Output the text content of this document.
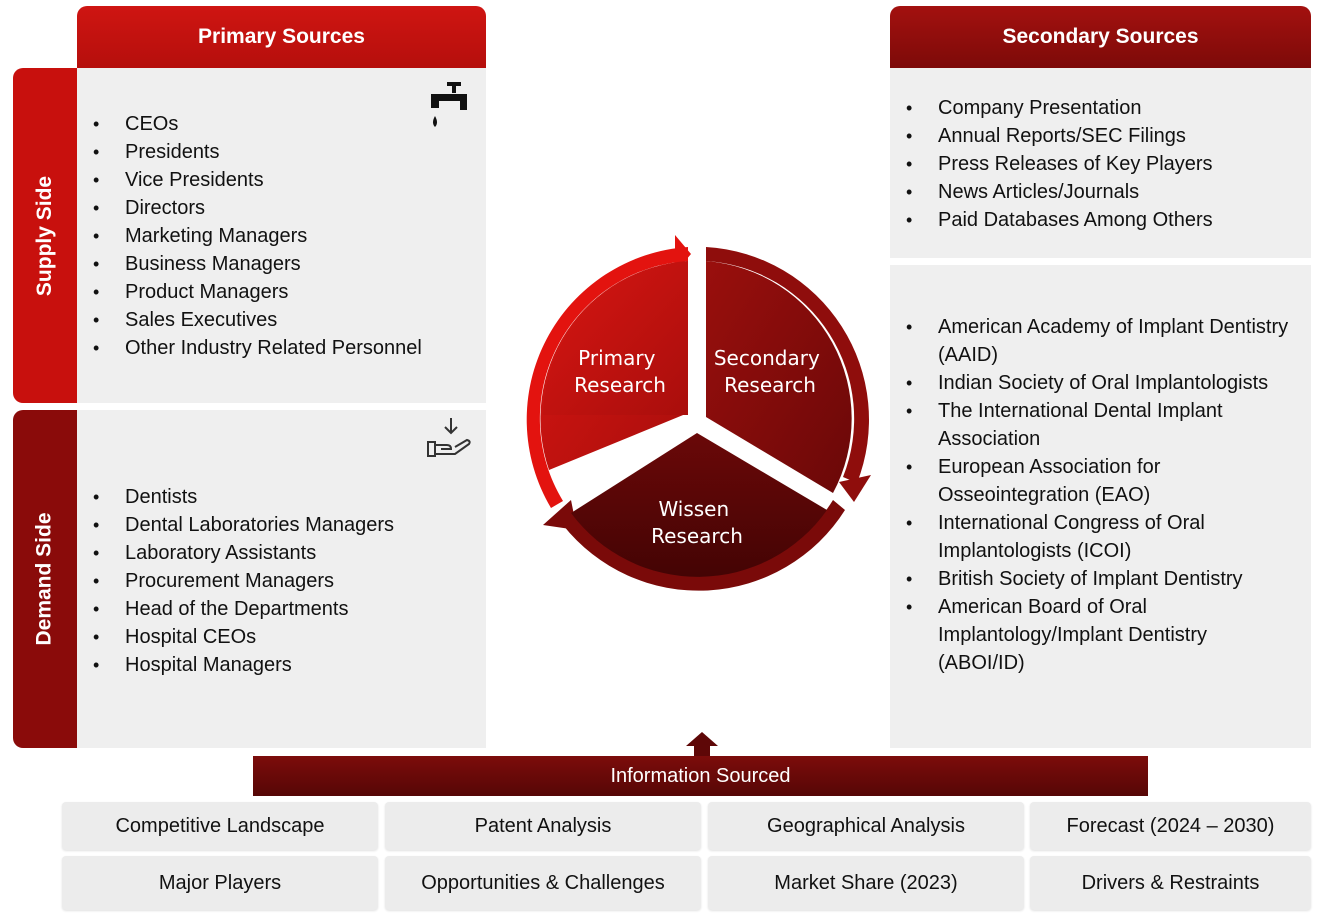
Primary Sources
Supply Side
• CEOs
• Presidents
• Vice Presidents
• Directors
• Marketing Managers
• Business Managers
• Product Managers
• Sales Executives
• Other Industry Related Personnel
Demand Side
• Dentists
• Dental Laboratories Managers
• Laboratory Assistants
• Procurement Managers
• Head of the Departments
• Hospital CEOs
• Hospital Managers
Secondary Sources
• Company Presentation
• Annual Reports/SEC Filings
• Press Releases of Key Players
• News Articles/Journals
• Paid Databases Among Others
• American Academy of Implant Dentistry (AAID)
• Indian Society of Oral Implantologists
• The International Dental Implant Association
• European Association for Osseointegration (EAO)
• International Congress of Oral Implantologists (ICOI)
• British Society of Implant Dentistry
• American Board of Oral Implantology/Implant Dentistry (ABOI/ID)
Primary Research
Secondary Research
Wissen Research
Information Sourced
Competitive Landscape	Patent Analysis	Geographical Analysis	Forecast (2024 – 2030)
Major Players	Opportunities & Challenges	Market Share (2023)	Drivers & Restraints
